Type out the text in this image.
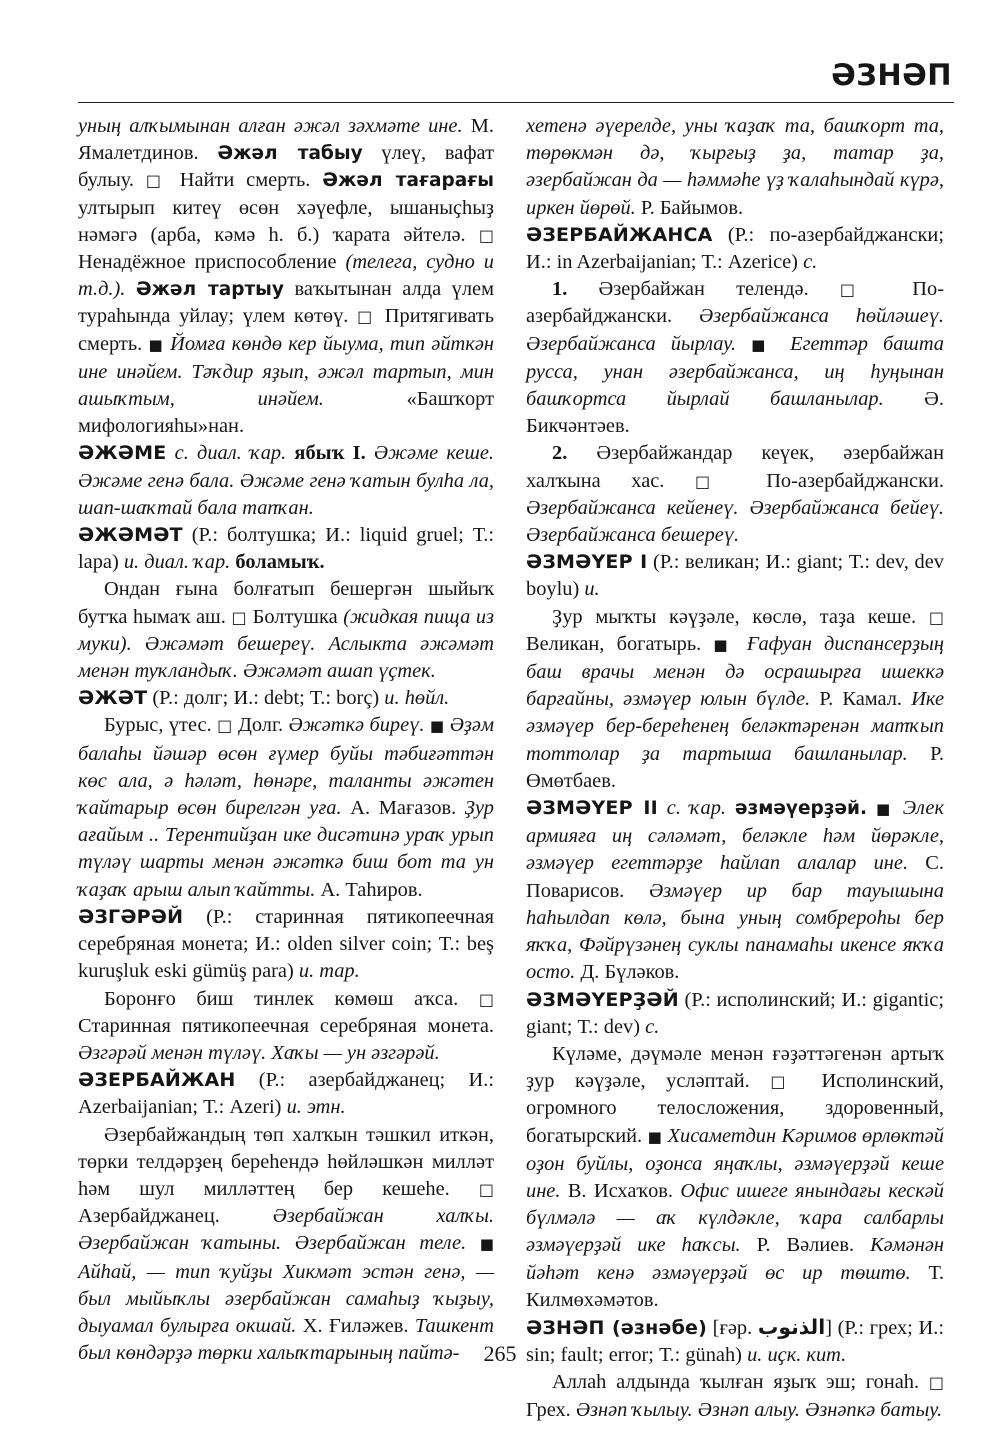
ӘЗНӘП

уның алҡымынан алған әжәл зәхмәте ине. М. Ямалетдинов. Әжәл табыу үлеү, вафат булыу. □ Найти смерть. Әжәл тағарағы ултырып китеү өсөн хәүефле, ышаныҫһыҙ нәмәгә (арба, кәмә һ. б.) ҡарата әйтелә. □ Ненадёжное приспособление (телега, судно и т.д.). Әжәл тартыу ваҡытынан алда үлем тураһында уйлау; үлем көтөү. □ Притягивать смерть. ■ Йомға көндө кер йыума, тип әйткән ине инәйем. Тәҡдир яҙып, әжәл тартып, мин ашыҡтым, инәйем. «Башҡорт мифологияһы»нан.

ӘЖӘМЕ с. диал. ҡар. ябыҡ I. Әжәме кеше. Әжәме генә бала. Әжәме генә ҡатын булһа ла, шап-шаҡтай бала тапҡан.

ӘЖӘМӘТ (Р.: болтушка; И.: liquid gruel; Т.: lapa) и. диал. ҡар. боламыҡ.

Ондан ғына болғатып бешергән шыйыҡ бутҡа һымаҡ аш. □ Болтушка (жидкая пища из муки). Әжәмәт бешереү. Аслыкта әжәмәт менән туҡландыҡ. Әжәмәт ашап үҫтек.

ӘЖӘТ (Р.: долг; И.: debt; Т.: borç) и. һөйл.

Бурыс, үтес. □ Долг. Әжәткә биреү. ■ Әҙәм балаһы йәшәр өсөн ғүмер буйы тәбиғәттән көс ала, ә һәләт, һөнәре, таланты әжәтен ҡайтарыр өсөн бирелгән уға. А. Мағазов. Ҙур ағайым .. Терентийҙан ике дисәтинә ураҡ урып түләү шарты менән әжәткә биш бот та ун ҡаҙаҡ арыш алып ҡайтты. А. Таһиров.

ӘЗГӘРӘЙ (Р.: старинная пятикопеечная серебряная монета; И.: olden silver coin; Т.: beş kuruşluk eski gümüş para) и. тар.

Боронғо биш тинлек көмөш аҡса. □ Старинная пятикопеечная серебряная монета. Әзгәрәй менән түләү. Хаҡы — ун әзгәрәй.

ӘЗЕРБАЙЖАН (Р.: азербайджанец; И.: Azerbaijanian; Т.: Azeri) и. этн.

Әзербайжандың төп халҡын тәшкил иткән, төрки телдәрҙең береһендә һөйләшкән милләт һәм шул милләттең бер кешеһе. □ Азербайджанец. Әзербайжан халҡы. Әзербайжан ҡатыны. Әзербайжан теле. ■ Айһай, — тип ҡуйҙы Хикмәт эстән генә, — был мыйыҡлы әзербайжан самаһыҙ ҡыҙыу, дыуамал булырға окшай. Х. Ғиләжев. Ташкент был көндәрҙә төрки халыҡтарының пайтә-

хетенә әүерелде, уны ҡаҙаҡ та, башҡорт та, төрөкмән дә, ҡырғыҙ ҙа, татар ҙа, әзербайжан да — һәммәһе үҙ ҡалаһындай күрә, иркен йөрөй. Р. Байымов.

ӘЗЕРБАЙЖАНСА (Р.: по-азербайджански; И.: in Azerbaijanian; Т.: Azerice) с.

1. Әзербайжан телендә. □ По-азербайджански. Әзербайжанса һөйләшеү. Әзербайжанса йырлау. ■ Егеттәр башта русса, унан әзербайжанса, иң һуңынан башҡортса йырлай башланылар. Ә. Бикчәнтәев.

2. Әзербайжандар кеүек, әзербайжан халҡына хас. □ По-азербайджански. Әзербайжанса кейенеү. Әзербайжанса бейеү. Әзербайжанса бешереү.

ӘЗМӘҮЕР I (Р.: великан; И.: giant; Т.: dev, dev boylu) и.

Ҙур мыҡты кәүҙәле, көслө, таҙа кеше. □ Великан, богатырь. ■ Ғафуан диспансерҙың баш врачы менән дә осрашырға ишеккә барғайны, әзмәүер юлын бүлде. Р. Камал. Ике әзмәүер бер-береһенең беләктәренән матҡып тоттолар ҙа тартыша башланылар. Р. Өмөтбаев.

ӘЗМӘҮЕР II с. ҡар. әзмәүерҙәй. ■ Элек армияға иң сәләмәт, беләкле һәм йөрәкле, әзмәүер егеттәрҙе һайлап алалар ине. С. Поварисов. Әзмәүер ир бар тауышына һаһылдап көлә, бына уның сомбрероһы бер яҡҡа, Фәйрүзәнең суклы панамаһы икенсе яҡҡа осто. Д. Бүләков.

ӘЗМӘҮЕРҘӘЙ (Р.: исполинский; И.: gigantic; giant; Т.: dev) с.

Күләме, дәүмәле менән ғәҙәттәгенән артыҡ ҙур кәүҙәле, усләптай. □ Исполинский, огромного телосложения, здоровенный, богатырский. ■ Хисаметдин Кәримов өрлөктәй оҙон буйлы, оҙонса яңаҡлы, әзмәүерҙәй кеше ине. В. Исхаҡов. Офис ишеге янындағы кескәй бүлмәлә — аҡ күлдәкле, ҡара салбарлы әзмәүерҙәй ике һаҡсы. Р. Вәлиев. Кәмәнән йәһәт кенә әзмәүерҙәй өс ир төштө. Т. Килмөхәмәтов.

ӘЗНӘП (әзнәбе) [ғәр. الذنوب] (Р.: грех; И.: sin; fault; error; Т.: günah) и. иҫк. кит.

Аллаһ алдында ҡылған яҙыҡ эш; гонаһ. □ Грех. Әзнәп ҡылыу. Әзнәп алыу. Әзнәпкә батыу.

265
